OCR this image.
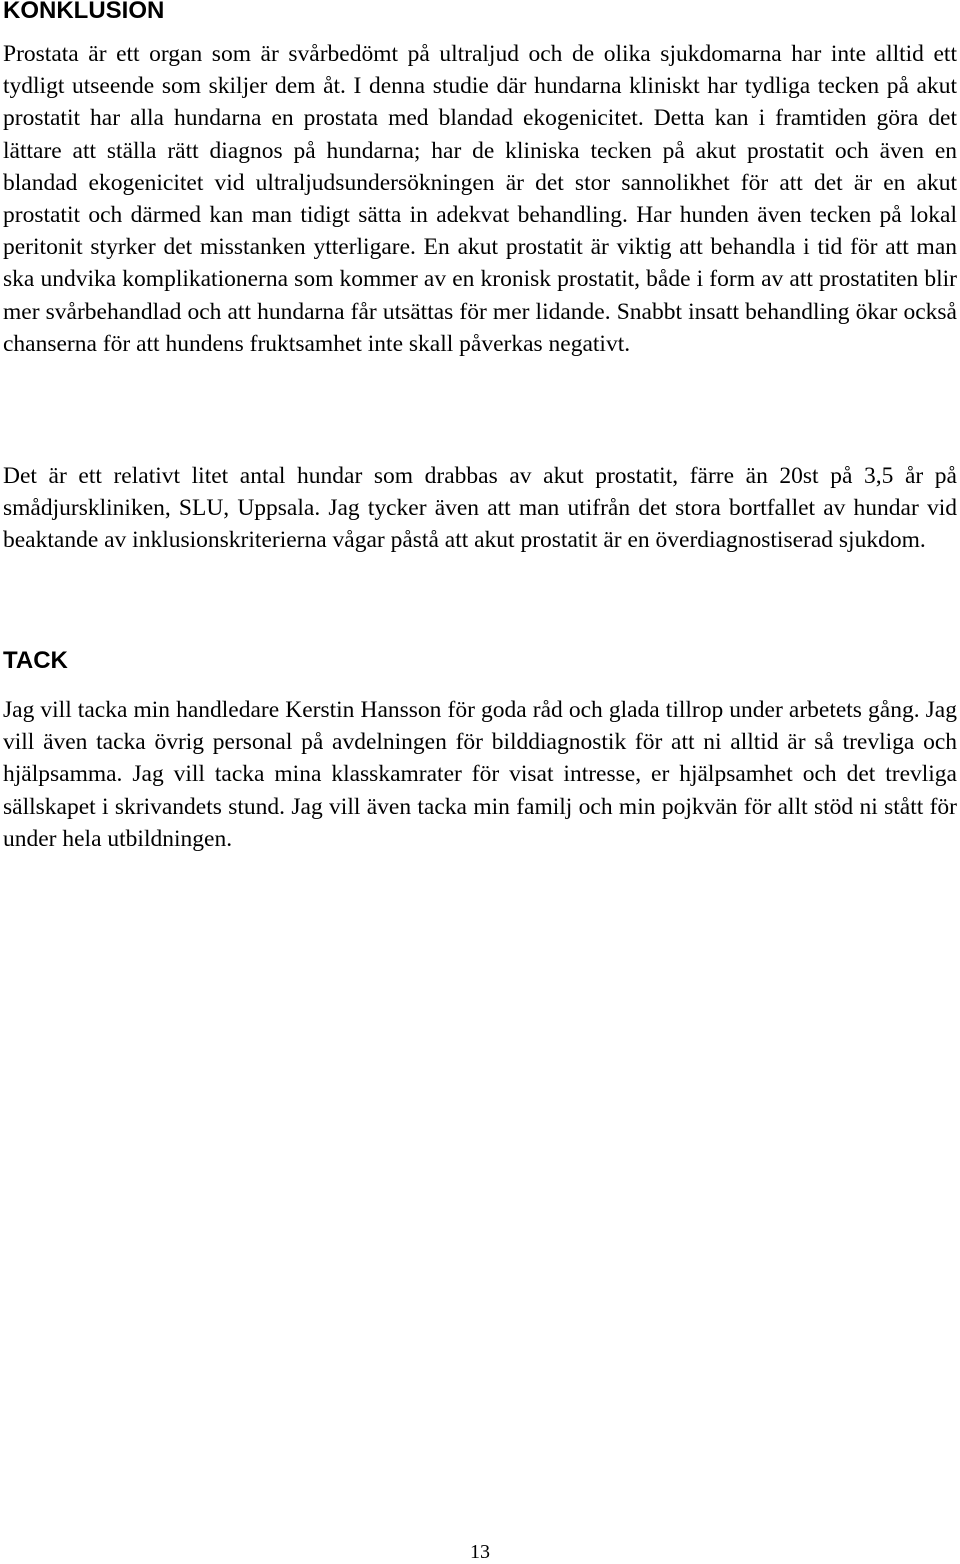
KONKLUSION

Prostata är ett organ som är svårbedömt på ultraljud och de olika sjukdomarna har inte alltid ett tydligt utseende som skiljer dem åt. I denna studie där hundarna kliniskt har tydliga tecken på akut prostatit har alla hundarna en prostata med blandad ekogenicitet. Detta kan i framtiden göra det lättare att ställa rätt diagnos på hundarna; har de kliniska tecken på akut prostatit och även en blandad ekogenicitet vid ultraljudsundersökningen är det stor sannolikhet för att det är en akut prostatit och därmed kan man tidigt sätta in adekvat behandling. Har hunden även tecken på lokal peritonit styrker det misstanken ytterligare. En akut prostatit är viktig att behandla i tid för att man ska undvika komplikationerna som kommer av en kronisk prostatit, både i form av att prostatiten blir mer svårbehandlad och att hundarna får utsättas för mer lidande. Snabbt insatt behandling ökar också chanserna för att hundens fruktsamhet inte skall påverkas negativt.

Det är ett relativt litet antal hundar som drabbas av akut prostatit, färre än 20st på 3,5 år på smådjurskliniken, SLU, Uppsala. Jag tycker även att man utifrån det stora bortfallet av hundar vid beaktande av inklusionskriterierna vågar påstå att akut prostatit är en överdiagnostiserad sjukdom.

TACK

Jag vill tacka min handledare Kerstin Hansson för goda råd och glada tillrop under arbetets gång. Jag vill även tacka övrig personal på avdelningen för bilddiagnostik för att ni alltid är så trevliga och hjälpsamma. Jag vill tacka mina klasskamrater för visat intresse, er hjälpsamhet och det trevliga sällskapet i skrivandets stund. Jag vill även tacka min familj och min pojkvän för allt stöd ni stått för under hela utbildningen.

13
